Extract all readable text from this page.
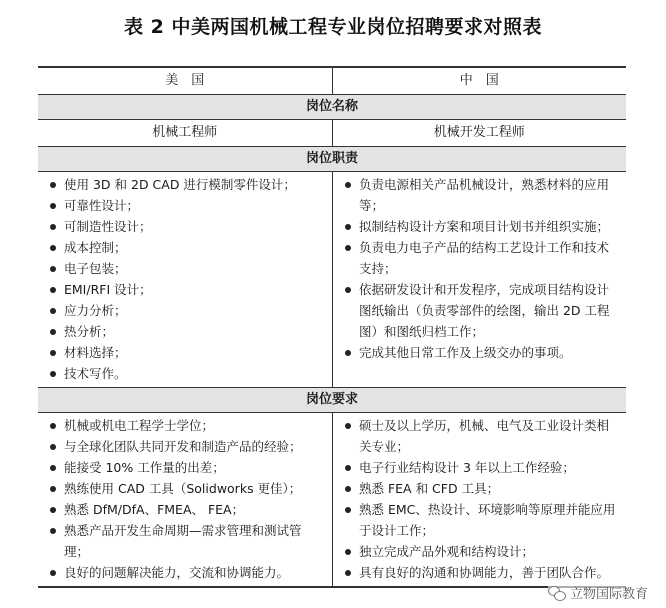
表 2 中美两国机械工程专业岗位招聘要求对照表
美　国	中　国
岗位名称
机械工程师	机械开发工程师
岗位职责
使用 3D 和 2D CAD 进行模制零件设计；
可靠性设计；
可制造性设计；
成本控制；
电子包装；
EMI/RFI 设计；
应力分析；
热分析；
材料选择；
技术写作。
负责电源相关产品机械设计，熟悉材料的应用等；
拟制结构设计方案和项目计划书并组织实施；
负责电力电子产品的结构工艺设计工作和技术支持；
依据研发设计和开发程序，完成项目结构设计图纸输出（负责零部件的绘图，输出 2D 工程图）和图纸归档工作；
完成其他日常工作及上级交办的事项。
岗位要求
机械或机电工程学士学位；
与全球化团队共同开发和制造产品的经验；
能接受 10% 工作量的出差；
熟练使用 CAD 工具（Solidworks 更佳）；
熟悉 DfM/DfA、FMEA、 FEA；
熟悉产品开发生命周期—需求管理和测试管理；
良好的问题解决能力，交流和协调能力。
硕士及以上学历，机械、电气及工业设计类相关专业；
电子行业结构设计 3 年以上工作经验；
熟悉 FEA 和 CFD 工具；
熟悉 EMC、热设计、环境影响等原理并能应用于设计工作；
独立完成产品外观和结构设计；
具有良好的沟通和协调能力，善于团队合作。
立物国际教育
